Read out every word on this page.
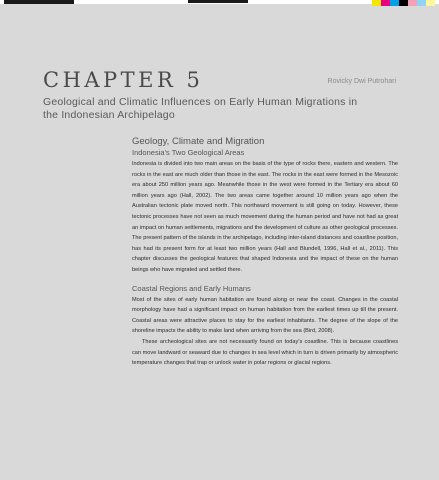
CHAPTER 5	Rovicky Dwi Putrohari
Geological and Climatic Influences on Early Human Migrations in the Indonesian Archipelago
Geology, Climate and Migration
Indonesia’s Two Geological Areas

Indonesia is divided into two main areas on the basis of the type of rocks there, eastern and western. The rocks in the east are much older than those in the east. The rocks in the east were formed in the Mesozoic era about 250 million years ago. Meanwhile those in the west were formed in the Tertiary era about 60 million years ago (Hall, 2002). The two areas came together around 10 million years ago when the Australian tectonic plate moved north. This northward movement is still going on today. However, these tectonic processes have not seen as much movement during the human period and have not had as great an impact on human settlements, migrations and the development of culture as other geological processes. The present pattern of the islands in the archipelago, including inter-island distances and coastline position, has had its present form for at least two million years (Hall and Blundell, 1996, Hall et al., 2011). This chapter discusses the geological features that shaped Indonesia and the impact of these on the human beings who have migrated and settled there.

Coastal Regions and Early Humans

Most of the sites of early human habitation are found along or near the coast. Changes in the coastal morphology have had a significant impact on human habitation from the earliest times up till the present. Coastal areas were attractive places to stay for the earliest inhabitants. The degree of the slope of the shoreline impacts the ability to make land when arriving from the sea (Bird, 2008).

These archeological sites are not necessarily found on today’s coastline. This is because coastlines can move landward or seaward due to changes in sea level which in turn is driven primarily by atmospheric temperature changes that trap or unlock water in polar regions or glacial regions.
